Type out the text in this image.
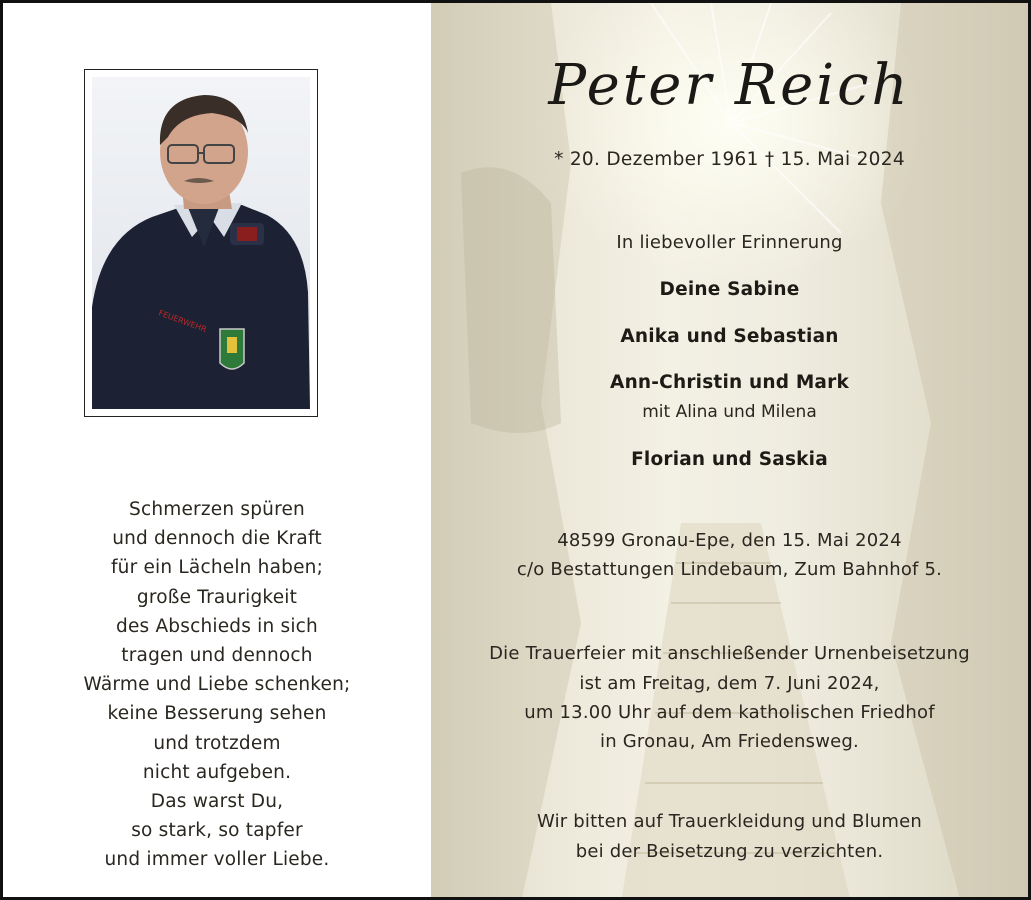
FEUERWEHR
Schmerzen spüren
und dennoch die Kraft
für ein Lächeln haben;
große Traurigkeit
des Abschieds in sich
tragen und dennoch
Wärme und Liebe schenken;
keine Besserung sehen
und trotzdem
nicht aufgeben.
Das warst Du,
so stark, so tapfer
und immer voller Liebe.
Peter Reich
* 20. Dezember 1961 † 15. Mai 2024
In liebevoller Erinnerung
Deine Sabine
Anika und Sebastian
Ann-Christin und Mark
mit Alina und Milena
Florian und Saskia
48599 Gronau-Epe, den 15. Mai 2024
c/o Bestattungen Lindebaum, Zum Bahnhof 5.
Die Trauerfeier mit anschließender Urnenbeisetzung
ist am Freitag, dem 7. Juni 2024,
um 13.00 Uhr auf dem katholischen Friedhof
in Gronau, Am Friedensweg.
Wir bitten auf Trauerkleidung und Blumen
bei der Beisetzung zu verzichten.
